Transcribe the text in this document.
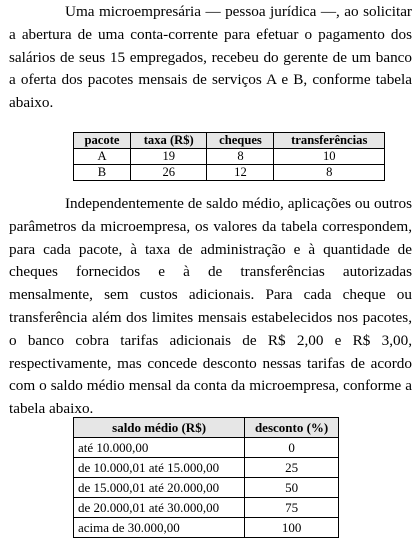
Uma microempresária — pessoa jurídica —, ao solicitar a abertura de uma conta-corrente para efetuar o pagamento dos salários de seus 15 empregados, recebeu do gerente de um banco a oferta dos pacotes mensais de serviços A e B, conforme tabela abaixo.

pacote	taxa (R$)	cheques	transferências
A	19	8	10
B	26	12	8

Independentemente de saldo médio, aplicações ou outros parâmetros da microempresa, os valores da tabela correspondem, para cada pacote, à taxa de administração e à quantidade de cheques fornecidos e à de transferências autorizadas mensalmente, sem custos adicionais. Para cada cheque ou transferência além dos limites mensais estabelecidos nos pacotes, o banco cobra tarifas adicionais de R$ 2,00 e R$ 3,00, respectivamente, mas concede desconto nessas tarifas de acordo com o saldo médio mensal da conta da microempresa, conforme a tabela abaixo.

saldo médio (R$)	desconto (%)
até 10.000,00	0
de 10.000,01 até 15.000,00	25
de 15.000,01 até 20.000,00	50
de 20.000,01 até 30.000,00	75
acima de 30.000,00	100
